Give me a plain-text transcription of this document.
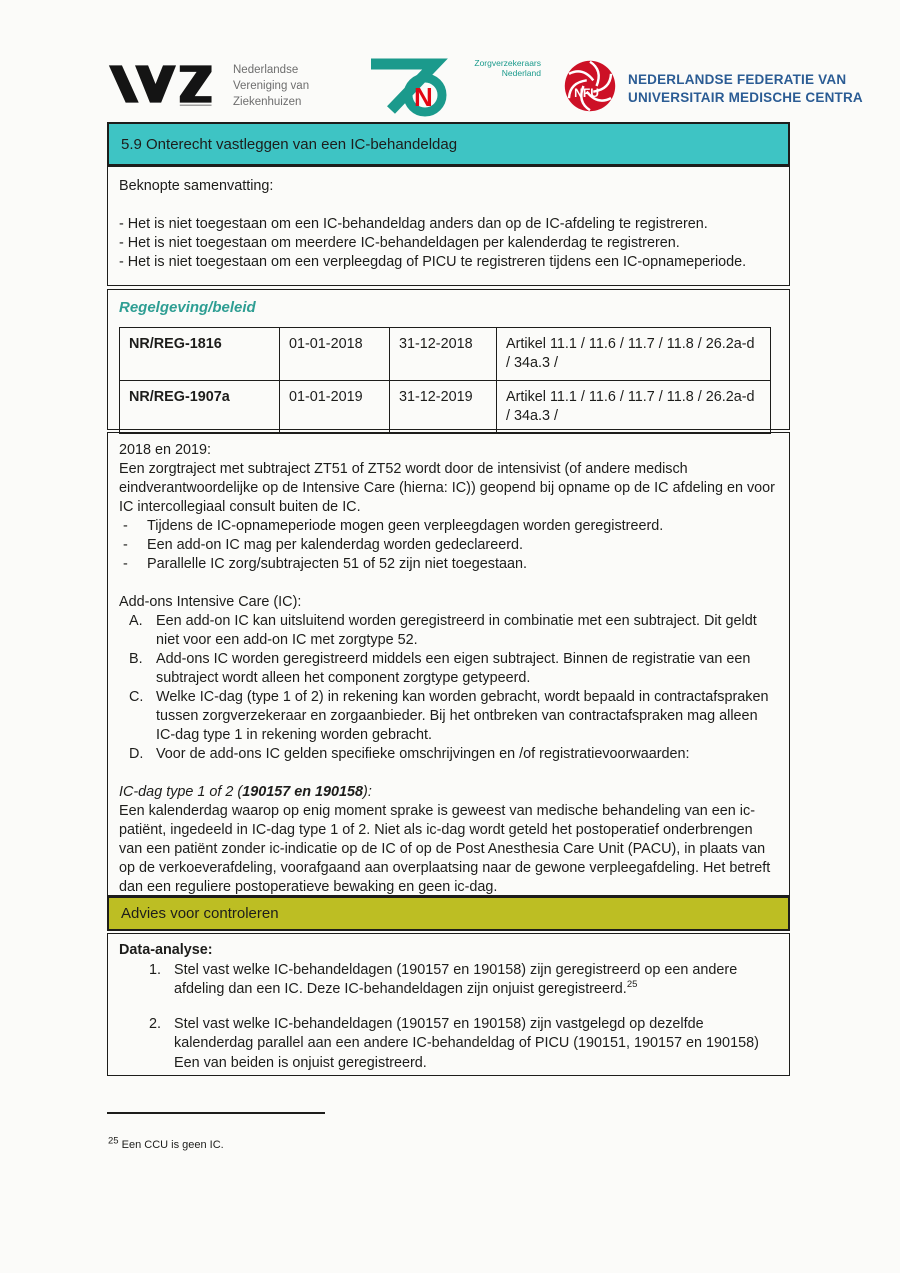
Nederlandse
Vereniging van
Ziekenhuizen	N
Zorgverzekeraars
Nederland
NFU
NEDERLANDSE FEDERATIE VAN
UNIVERSITAIR MEDISCHE CENTRA
5.9 Onterecht vastleggen van een IC-behandeldag
Beknopte samenvatting:
- Het is niet toegestaan om een IC-behandeldag anders dan op de IC-afdeling te registreren.
- Het is niet toegestaan om meerdere IC-behandeldagen per kalenderdag te registreren.
- Het is niet toegestaan om een verpleegdag of PICU te registreren tijdens een IC-opnameperiode.
Regelgeving/beleid
NR/REG-1816	01-01-2018	31-12-2018	Artikel 11.1 / 11.6 / 11.7 / 11.8 / 26.2a-d / 34a.3 /
NR/REG-1907a	01-01-2019	31-12-2019	Artikel 11.1 / 11.6 / 11.7 / 11.8 / 26.2a-d / 34a.3 /
2018 en 2019:
Een zorgtraject met subtraject ZT51 of ZT52 wordt door de intensivist (of andere medisch eindverantwoordelijke op de Intensive Care (hierna: IC)) geopend bij opname op de IC afdeling en voor IC intercollegiaal consult buiten de IC.
-	Tijdens de IC-opnameperiode mogen geen verpleegdagen worden geregistreerd.
-	Een add-on IC mag per kalenderdag worden gedeclareerd.
-	Parallelle IC zorg/subtrajecten 51 of 52 zijn niet toegestaan.
Add-ons Intensive Care (IC):
A. Een add-on IC kan uitsluitend worden geregistreerd in combinatie met een subtraject. Dit geldt niet voor een add-on IC met zorgtype 52.
B. Add-ons IC worden geregistreerd middels een eigen subtraject. Binnen de registratie van een subtraject wordt alleen het component zorgtype getypeerd.
C. Welke IC-dag (type 1 of 2) in rekening kan worden gebracht, wordt bepaald in contractafspraken tussen zorgverzekeraar en zorgaanbieder. Bij het ontbreken van contractafspraken mag alleen IC-dag type 1 in rekening worden gebracht.
D. Voor de add-ons IC gelden specifieke omschrijvingen en /of registratievoorwaarden:
IC-dag type 1 of 2 (190157 en 190158):
Een kalenderdag waarop op enig moment sprake is geweest van medische behandeling van een ic-patiënt, ingedeeld in IC-dag type 1 of 2. Niet als ic-dag wordt geteld het postoperatief onderbrengen van een patiënt zonder ic-indicatie op de IC of op de Post Anesthesia Care Unit (PACU), in plaats van op de verkoeverafdeling, voorafgaand aan overplaatsing naar de gewone verpleegafdeling. Het betreft dan een reguliere postoperatieve bewaking en geen ic-dag.
Advies voor controleren
Data-analyse:
1. Stel vast welke IC-behandeldagen (190157 en 190158) zijn geregistreerd op een andere afdeling dan een IC. Deze IC-behandeldagen zijn onjuist geregistreerd.$^{25}$
2. Stel vast welke IC-behandeldagen (190157 en 190158) zijn vastgelegd op dezelfde kalenderdag parallel aan een andere IC-behandeldag of PICU (190151, 190157 en 190158) Een van beiden is onjuist geregistreerd.
$^{25}$ Een CCU is geen IC.
